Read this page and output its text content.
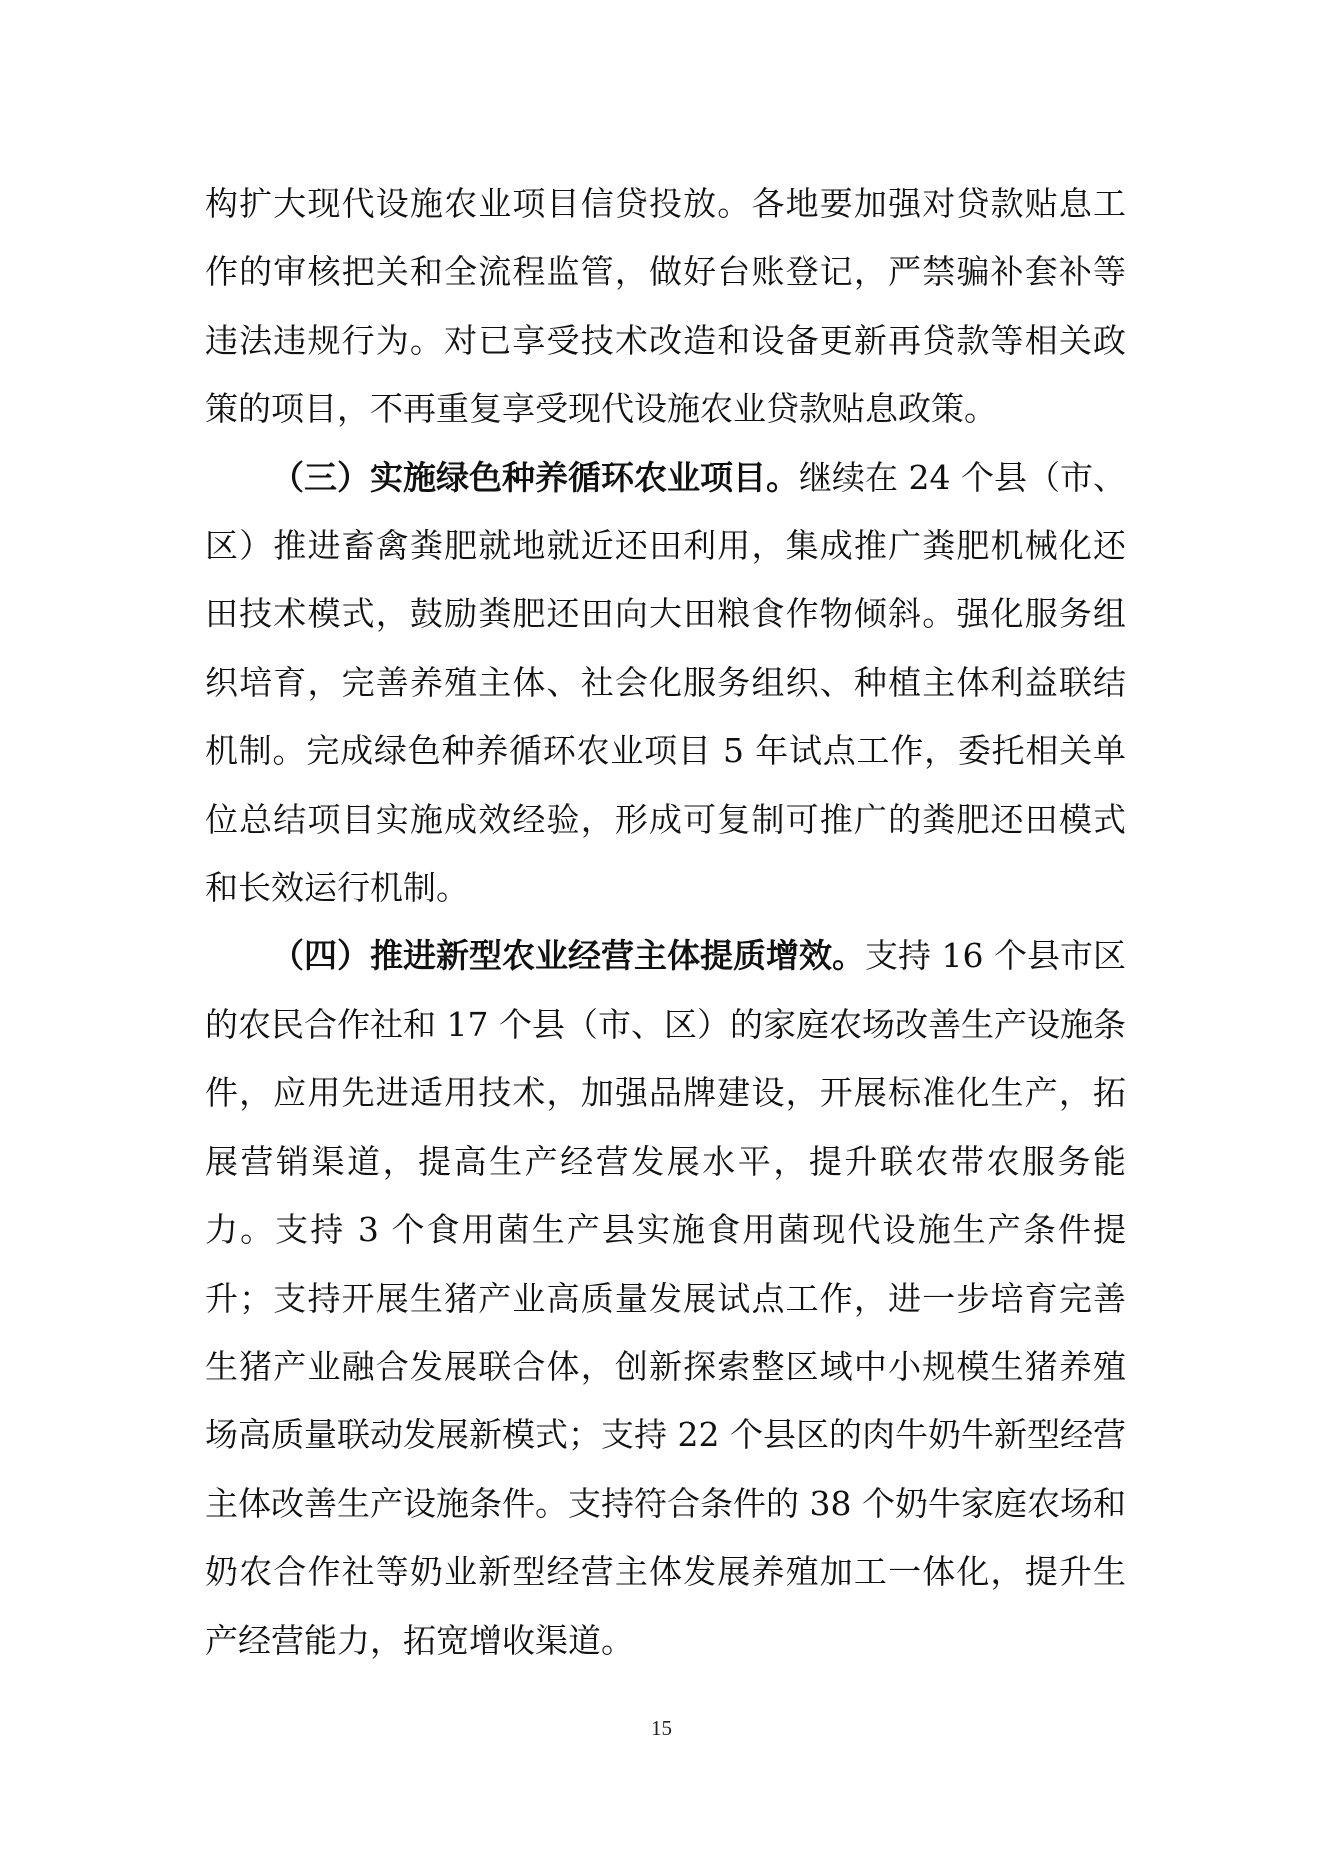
构扩大现代设施农业项目信贷投放。各地要加强对贷款贴息工作的审核把关和全流程监管，做好台账登记，严禁骗补套补等违法违规行为。对已享受技术改造和设备更新再贷款等相关政策的项目，不再重复享受现代设施农业贷款贴息政策。

（三）实施绿色种养循环农业项目。继续在 24 个县（市、区）推进畜禽粪肥就地就近还田利用，集成推广粪肥机械化还田技术模式，鼓励粪肥还田向大田粮食作物倾斜。强化服务组织培育，完善养殖主体、社会化服务组织、种植主体利益联结机制。完成绿色种养循环农业项目 5 年试点工作，委托相关单位总结项目实施成效经验，形成可复制可推广的粪肥还田模式和长效运行机制。

（四）推进新型农业经营主体提质增效。支持 16 个县市区的农民合作社和 17 个县（市、区）的家庭农场改善生产设施条件，应用先进适用技术，加强品牌建设，开展标准化生产，拓展营销渠道，提高生产经营发展水平，提升联农带农服务能力。支持 3 个食用菌生产县实施食用菌现代设施生产条件提升；支持开展生猪产业高质量发展试点工作，进一步培育完善生猪产业融合发展联合体，创新探索整区域中小规模生猪养殖场高质量联动发展新模式；支持 22 个县区的肉牛奶牛新型经营主体改善生产设施条件。支持符合条件的 38 个奶牛家庭农场和奶农合作社等奶业新型经营主体发展养殖加工一体化，提升生产经营能力，拓宽增收渠道。

15
